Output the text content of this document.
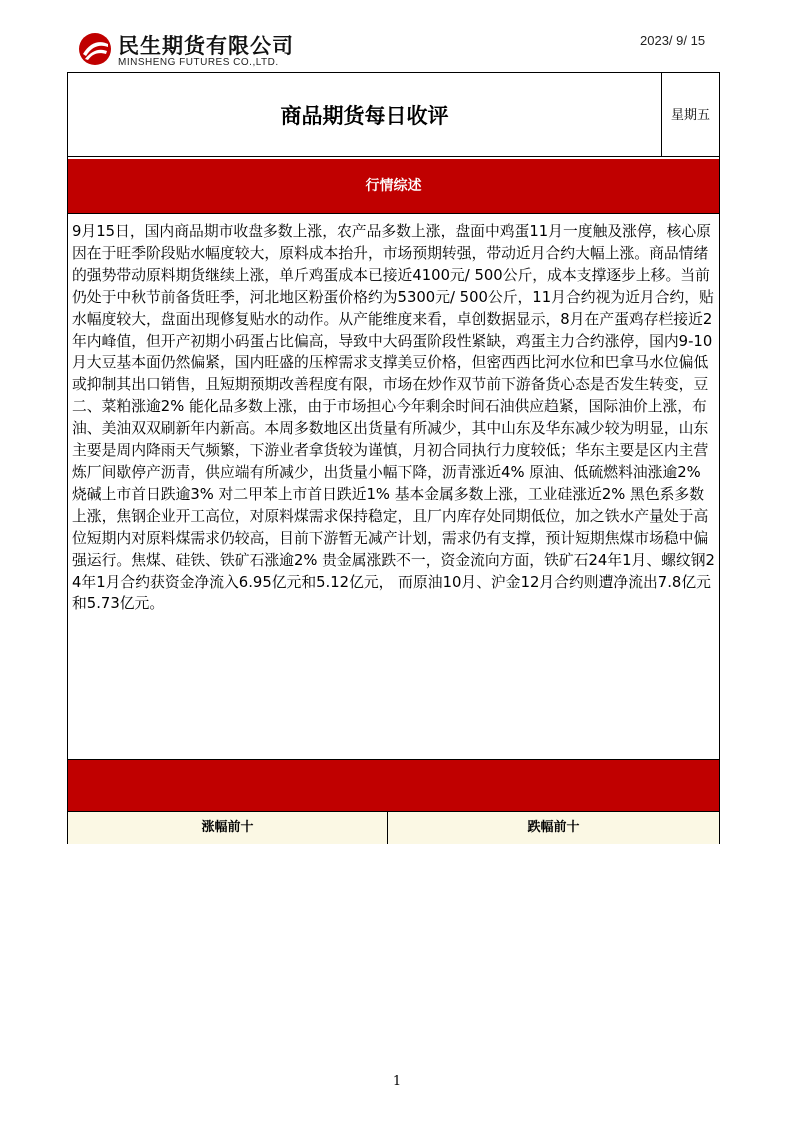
民生期货有限公司
MINSHENG FUTURES CO.,LTD.
2023/ 9/ 15
商品期货每日收评	星期五
行情综述

9月15日，国内商品期市收盘多数上涨，农产品多数上涨，盘面中鸡蛋11月一度触及涨停，核心原因在于旺季阶段贴水幅度较大，原料成本抬升，市场预期转强，带动近月合约大幅上涨。商品情绪的强势带动原料期货继续上涨，单斤鸡蛋成本已接近4100元/ 500公斤，成本支撑逐步上移。当前仍处于中秋节前备货旺季，河北地区粉蛋价格约为5300元/ 500公斤，11月合约视为近月合约，贴水幅度较大，盘面出现修复贴水的动作。从产能维度来看，卓创数据显示，8月在产蛋鸡存栏接近2年内峰值，但开产初期小码蛋占比偏高，导致中大码蛋阶段性紧缺，鸡蛋主力合约涨停，国内9-10月大豆基本面仍然偏紧，国内旺盛的压榨需求支撑美豆价格，但密西西比河水位和巴拿马水位偏低或抑制其出口销售，且短期预期改善程度有限，市场在炒作双节前下游备货心态是否发生转变，豆二、菜粕涨逾2% 能化品多数上涨，由于市场担心今年剩余时间石油供应趋紧，国际油价上涨，布油、美油双双刷新年内新高。本周多数地区出货量有所减少，其中山东及华东减少较为明显，山东主要是周内降雨天气频繁，下游业者拿货较为谨慎，月初合同执行力度较低；华东主要是区内主营炼厂间歇停产沥青，供应端有所减少，出货量小幅下降，沥青涨近4% 原油、低硫燃料油涨逾2% 烧碱上市首日跌逾3% 对二甲苯上市首日跌近1% 基本金属多数上涨，工业硅涨近2% 黑色系多数上涨，焦钢企业开工高位，对原料煤需求保持稳定，且厂内库存处同期低位，加之铁水产量处于高位短期内对原料煤需求仍较高，目前下游暂无减产计划，需求仍有支撑，预计短期焦煤市场稳中偏强运行。焦煤、硅铁、铁矿石涨逾2% 贵金属涨跌不一，资金流向方面，铁矿石24年1月、螺纹钢24年1月合约获资金净流入6.95亿元和5.12亿元， 而原油10月、沪金12月合约则遭净流出7.8亿元和5.73亿元。

涨幅前十	跌幅前十
1
